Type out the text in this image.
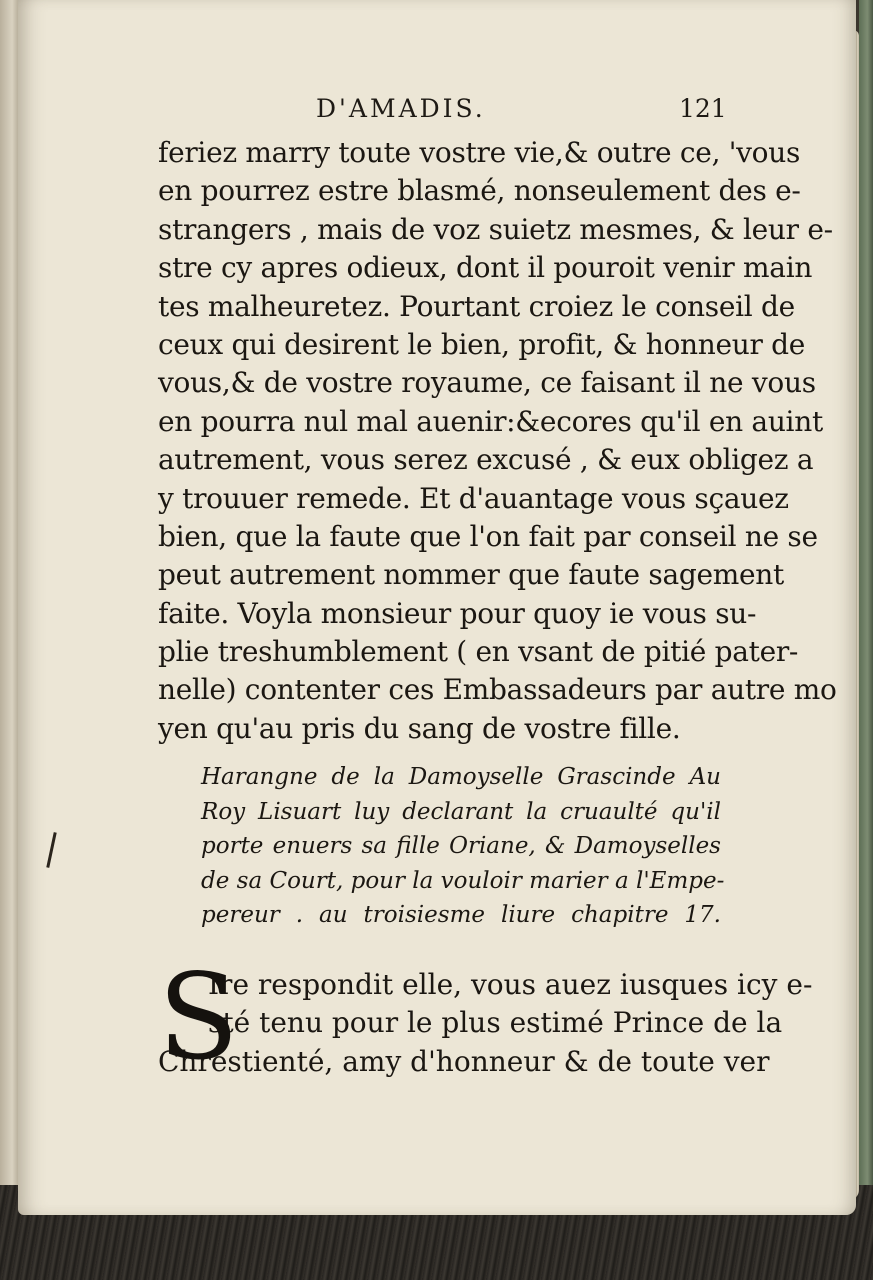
D'AMADIS.	121
feriez marry toute vostre vie,& outre ce, 'vous
en pourrez estre blasmé, nonseulement des e-
strangers , mais de voz suietz mesmes, & leur e-
stre cy apres odieux, dont il pouroit venir main
tes malheuretez. Pourtant croiez le conseil de
ceux qui desirent le bien, profit, & honneur de
vous,& de vostre royaume, ce faisant il ne vous
en pourra nul mal auenir:&ecores qu'il en auint
autrement, vous serez excusé , & eux obligez a
y trouuer remede. Et d'auantage vous sçauez
bien, que la faute que l'on fait par conseil ne se
peut autrement nommer que faute sagement
faite. Voyla monsieur pour quoy ie vous su-
plie treshumblement ( en vsant de pitié pater-
nelle) contenter ces Embassadeurs par autre mo
yen qu'au pris du sang de vostre fille.
Harangne de la Damoyselle Grascinde Au
Roy Lisuart luy declarant la cruaulté qu'il
porte enuers sa fille Oriane, & Damoyselles
de sa Court, pour la vouloir marier a l'Empe-
pereur . au troisiesme liure chapitre 17.
S
Ire respondit elle, vous auez iusques icy e-
sté tenu pour le plus estimé Prince de la
Chrestienté, amy d'honneur & de toute ver
